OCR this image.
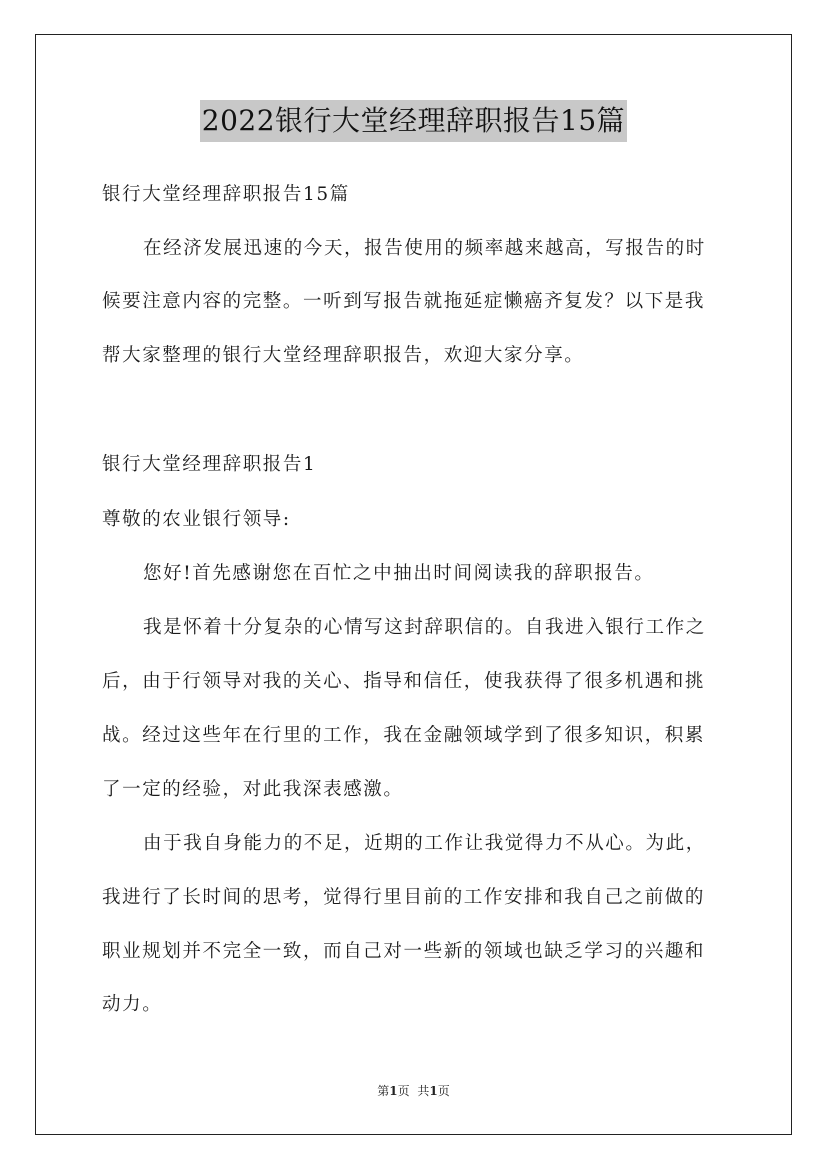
2022银行大堂经理辞职报告15篇
银行大堂经理辞职报告15篇
在经济发展迅速的今天，报告使用的频率越来越高，写报告的时
候要注意内容的完整。一听到写报告就拖延症懒癌齐复发？以下是我
帮大家整理的银行大堂经理辞职报告，欢迎大家分享。
银行大堂经理辞职报告1
尊敬的农业银行领导:
您好!首先感谢您在百忙之中抽出时间阅读我的辞职报告。
我是怀着十分复杂的心情写这封辞职信的。自我进入银行工作之
后，由于行领导对我的关心、指导和信任，使我获得了很多机遇和挑
战。经过这些年在行里的工作，我在金融领域学到了很多知识，积累
了一定的经验，对此我深表感激。
由于我自身能力的不足，近期的工作让我觉得力不从心。为此，
我进行了长时间的思考，觉得行里目前的工作安排和我自己之前做的
职业规划并不完全一致，而自己对一些新的领域也缺乏学习的兴趣和
动力。
第1页 共1页
